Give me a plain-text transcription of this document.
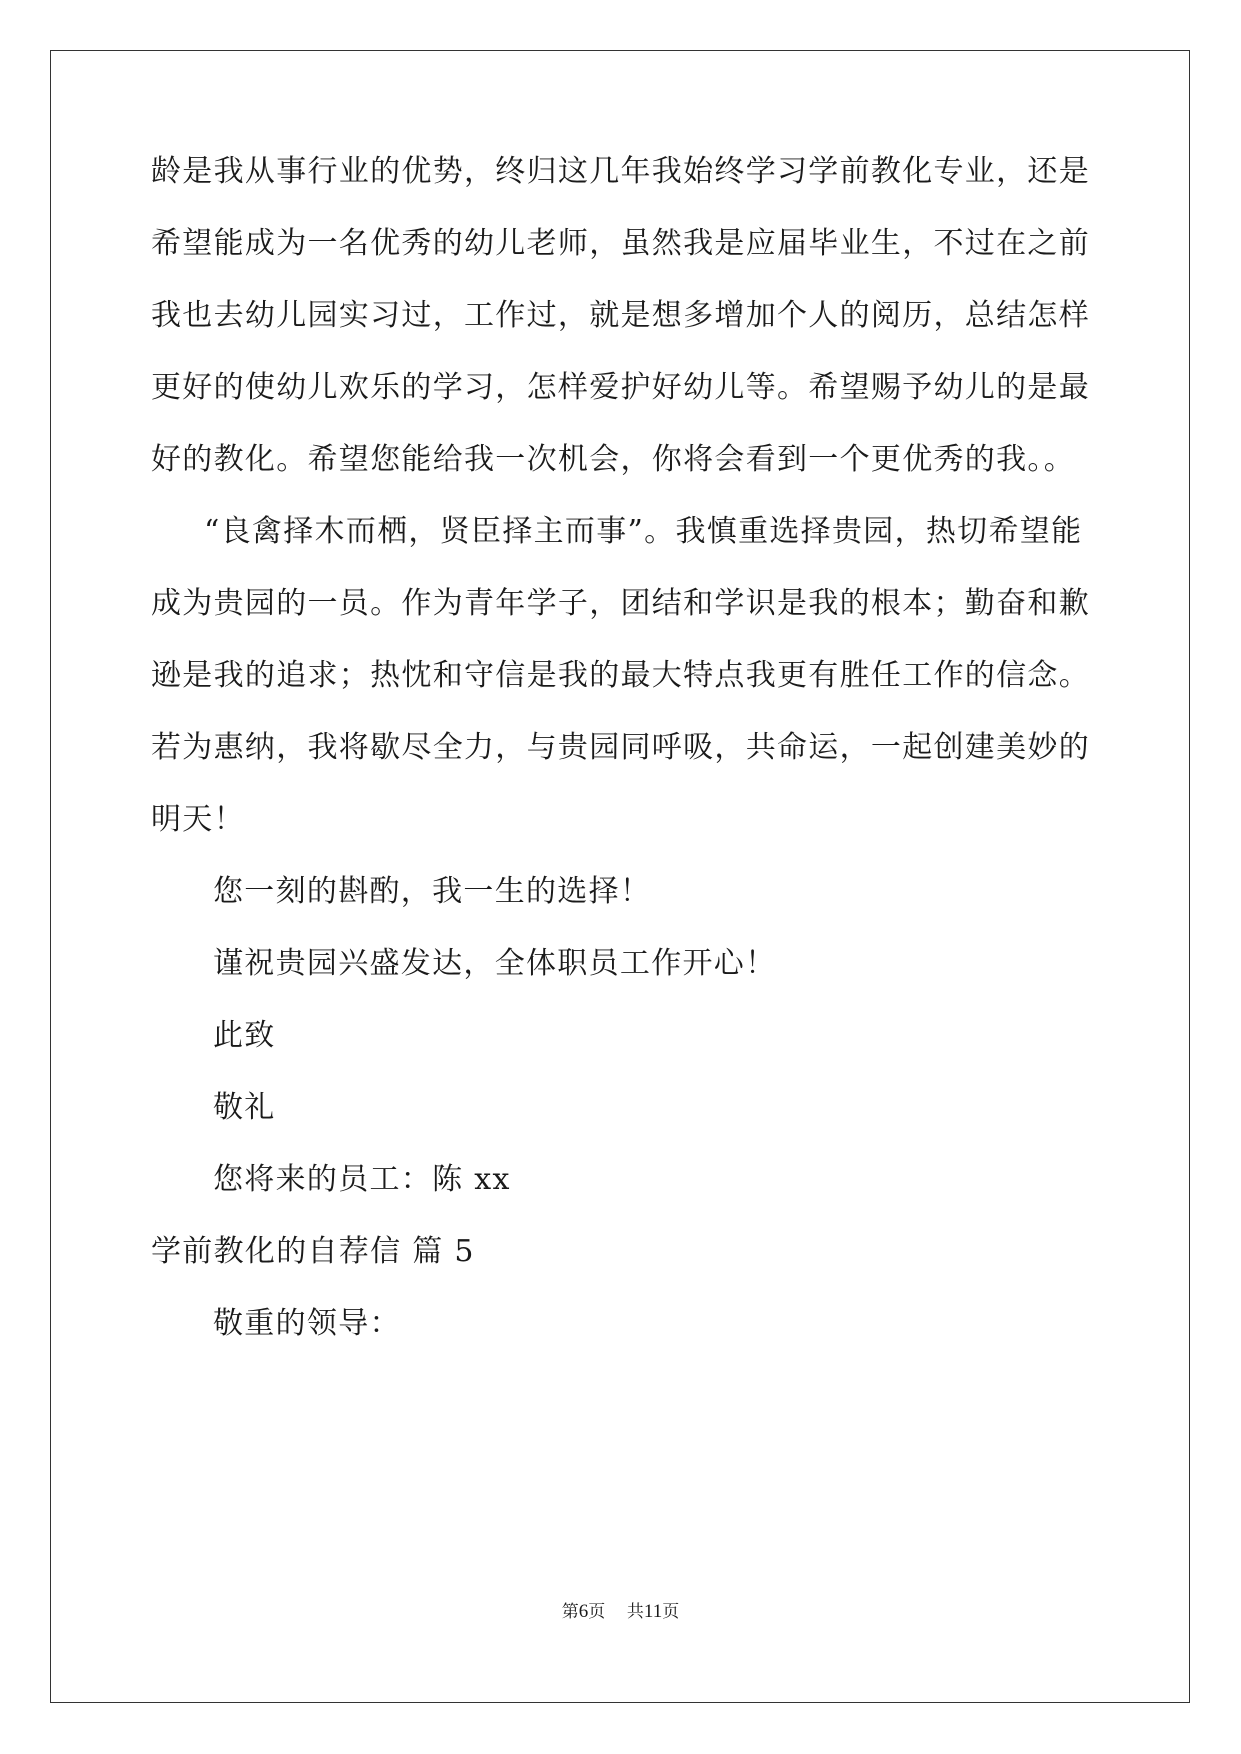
龄是我从事行业的优势，终归这几年我始终学习学前教化专业，还是
希望能成为一名优秀的幼儿老师，虽然我是应届毕业生，不过在之前
我也去幼儿园实习过，工作过，就是想多增加个人的阅历，总结怎样
更好的使幼儿欢乐的学习，怎样爱护好幼儿等。希望赐予幼儿的是最
好的教化。希望您能给我一次机会，你将会看到一个更优秀的我。。
“良禽择木而栖，贤臣择主而事”。我慎重选择贵园，热切希望能
成为贵园的一员。作为青年学子，团结和学识是我的根本；勤奋和歉
逊是我的追求；热忱和守信是我的最大特点我更有胜任工作的信念。
若为惠纳，我将歇尽全力，与贵园同呼吸，共命运，一起创建美妙的
明天！
您一刻的斟酌，我一生的选择！
谨祝贵园兴盛发达，全体职员工作开心！
此致
敬礼
您将来的员工：陈 xx
学前教化的自荐信 篇 5
敬重的领导：
第6页 共11页
